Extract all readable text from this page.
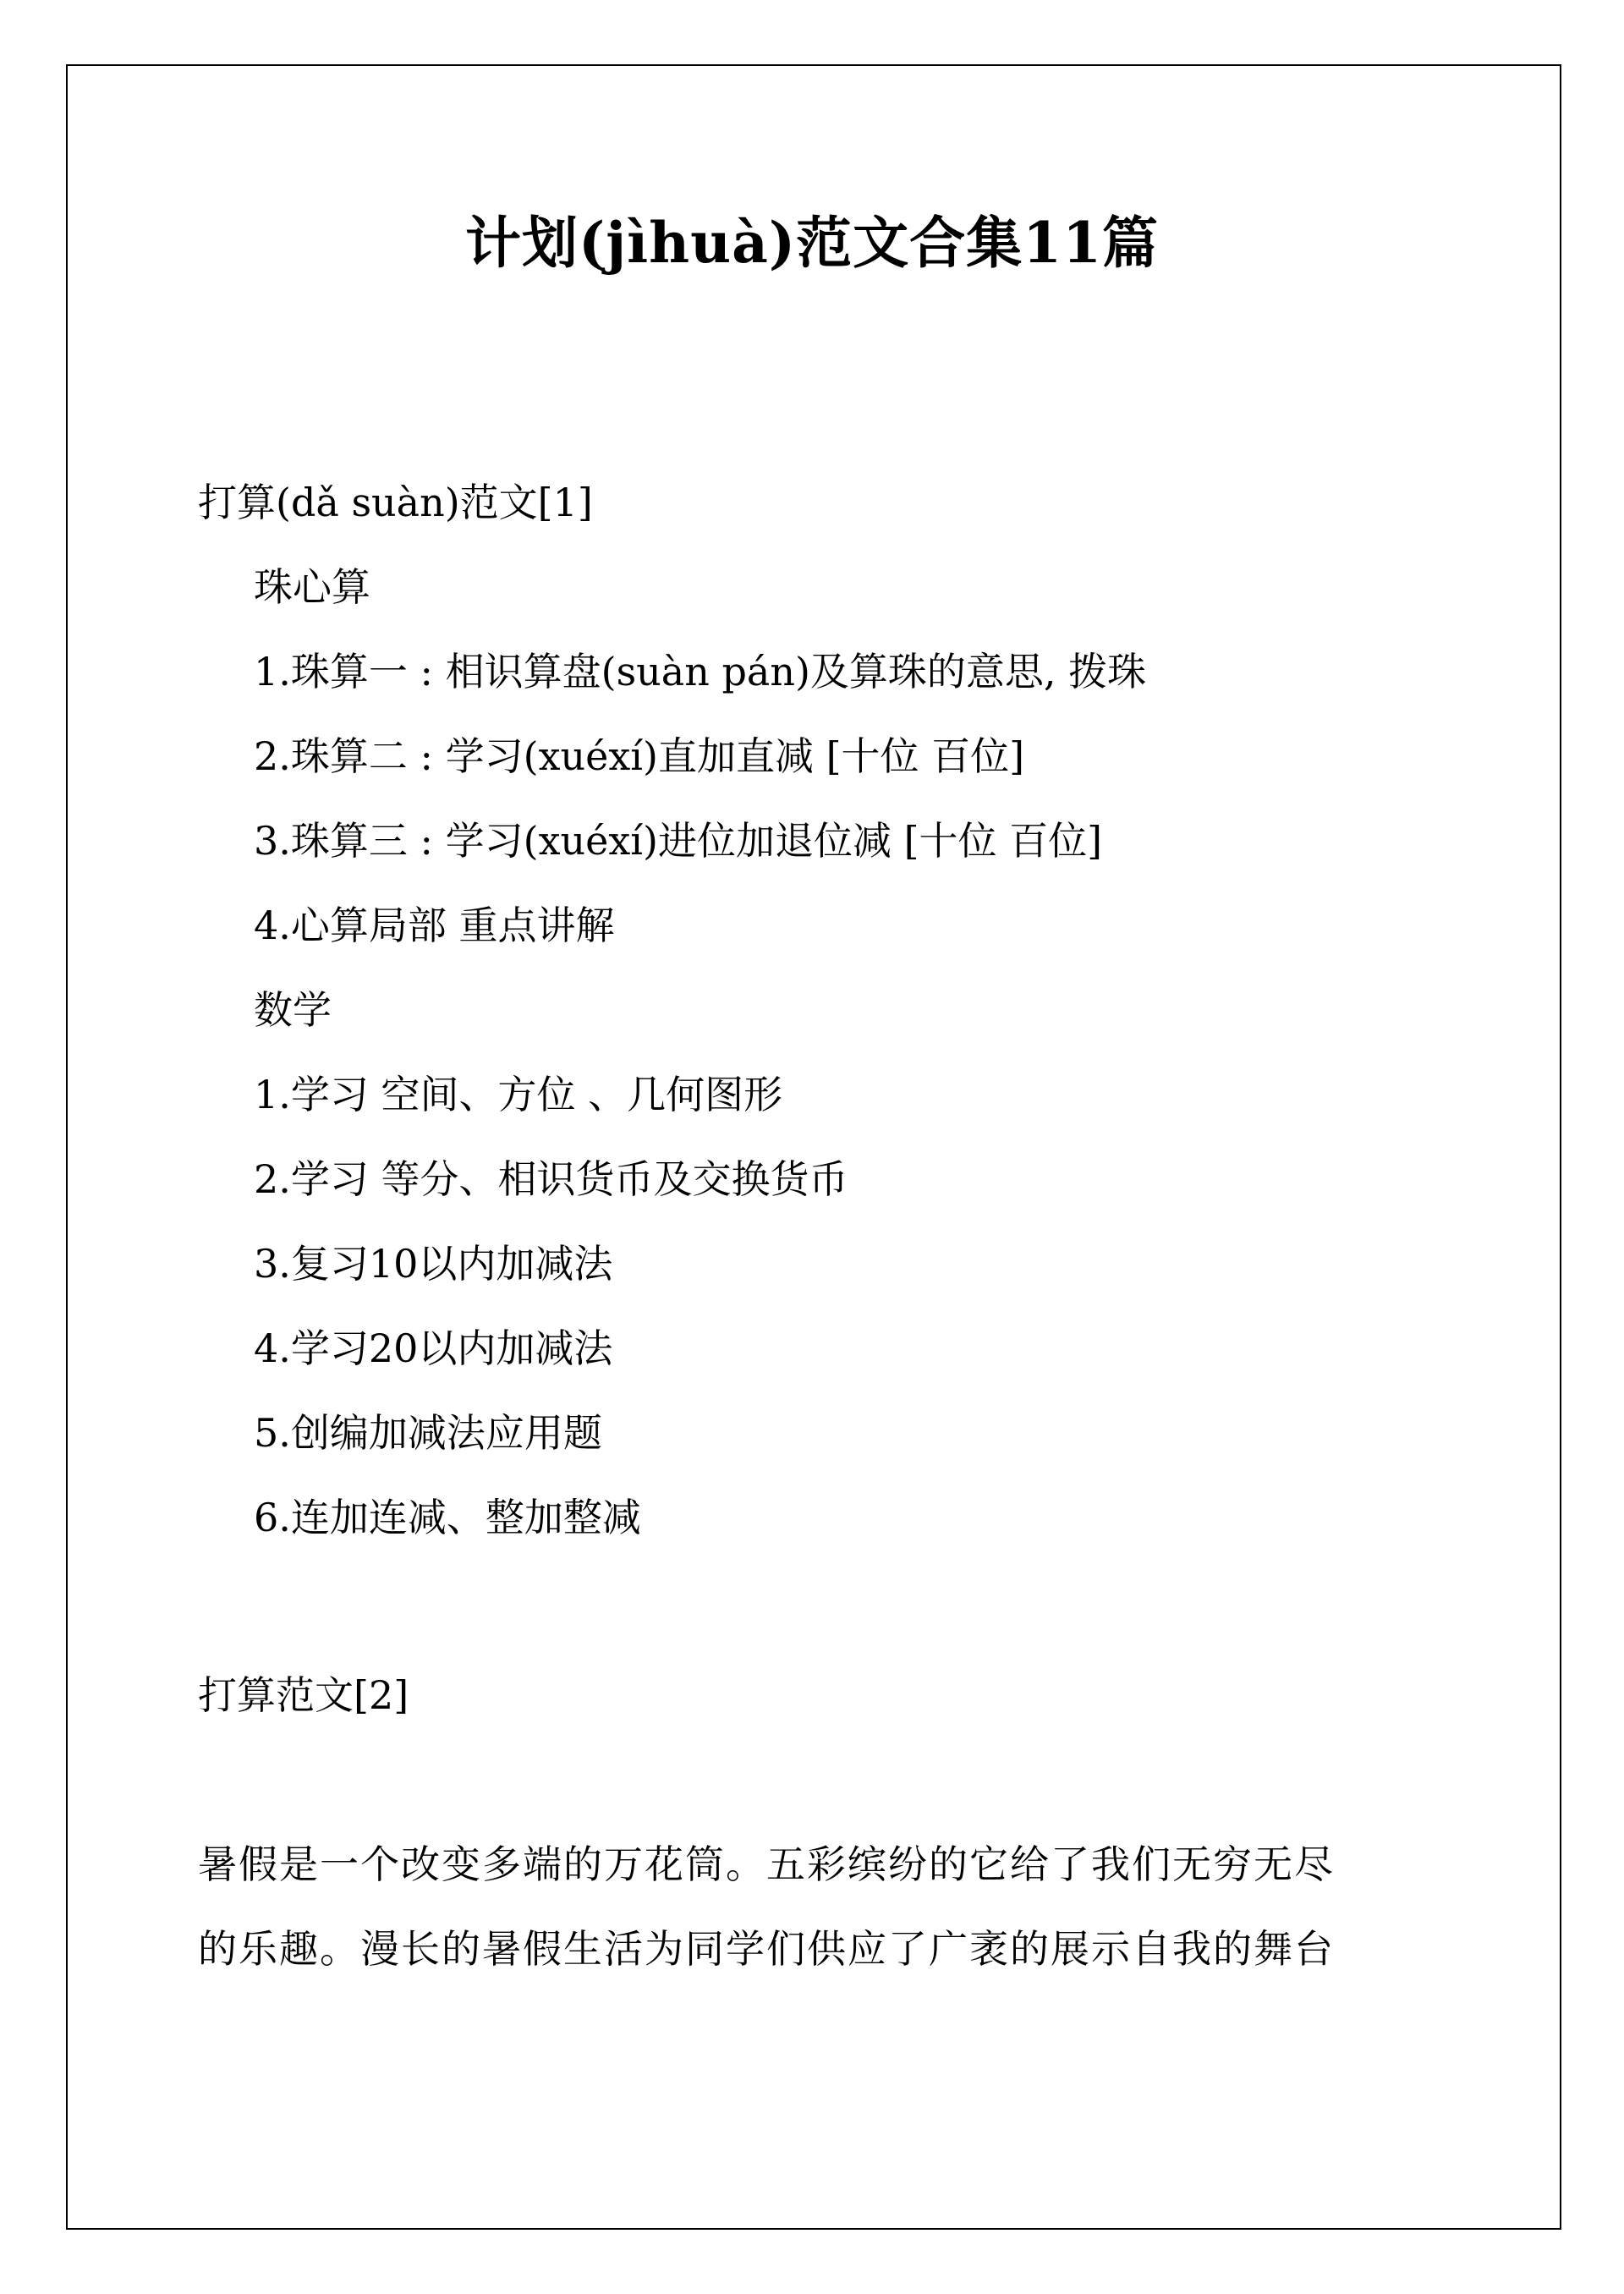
计划(jìhuà)范文合集11篇
打算(dǎ suàn)范文[1]
珠心算
1.珠算一 : 相识算盘(suàn pán)及算珠的意思, 拨珠
2.珠算二 : 学习(xuéxí)直加直减 [十位 百位]
3.珠算三 : 学习(xuéxí)进位加退位减 [十位 百位]
4.心算局部 重点讲解
数学
1.学习 空间、方位 、几何图形
2.学习 等分、相识货币及交换货币
3.复习10以内加减法
4.学习20以内加减法
5.创编加减法应用题
6.连加连减、整加整减
打算范文[2]
暑假是一个改变多端的万花筒。五彩缤纷的它给了我们无穷无尽
的乐趣。漫长的暑假生活为同学们供应了广袤的展示自我的舞台
